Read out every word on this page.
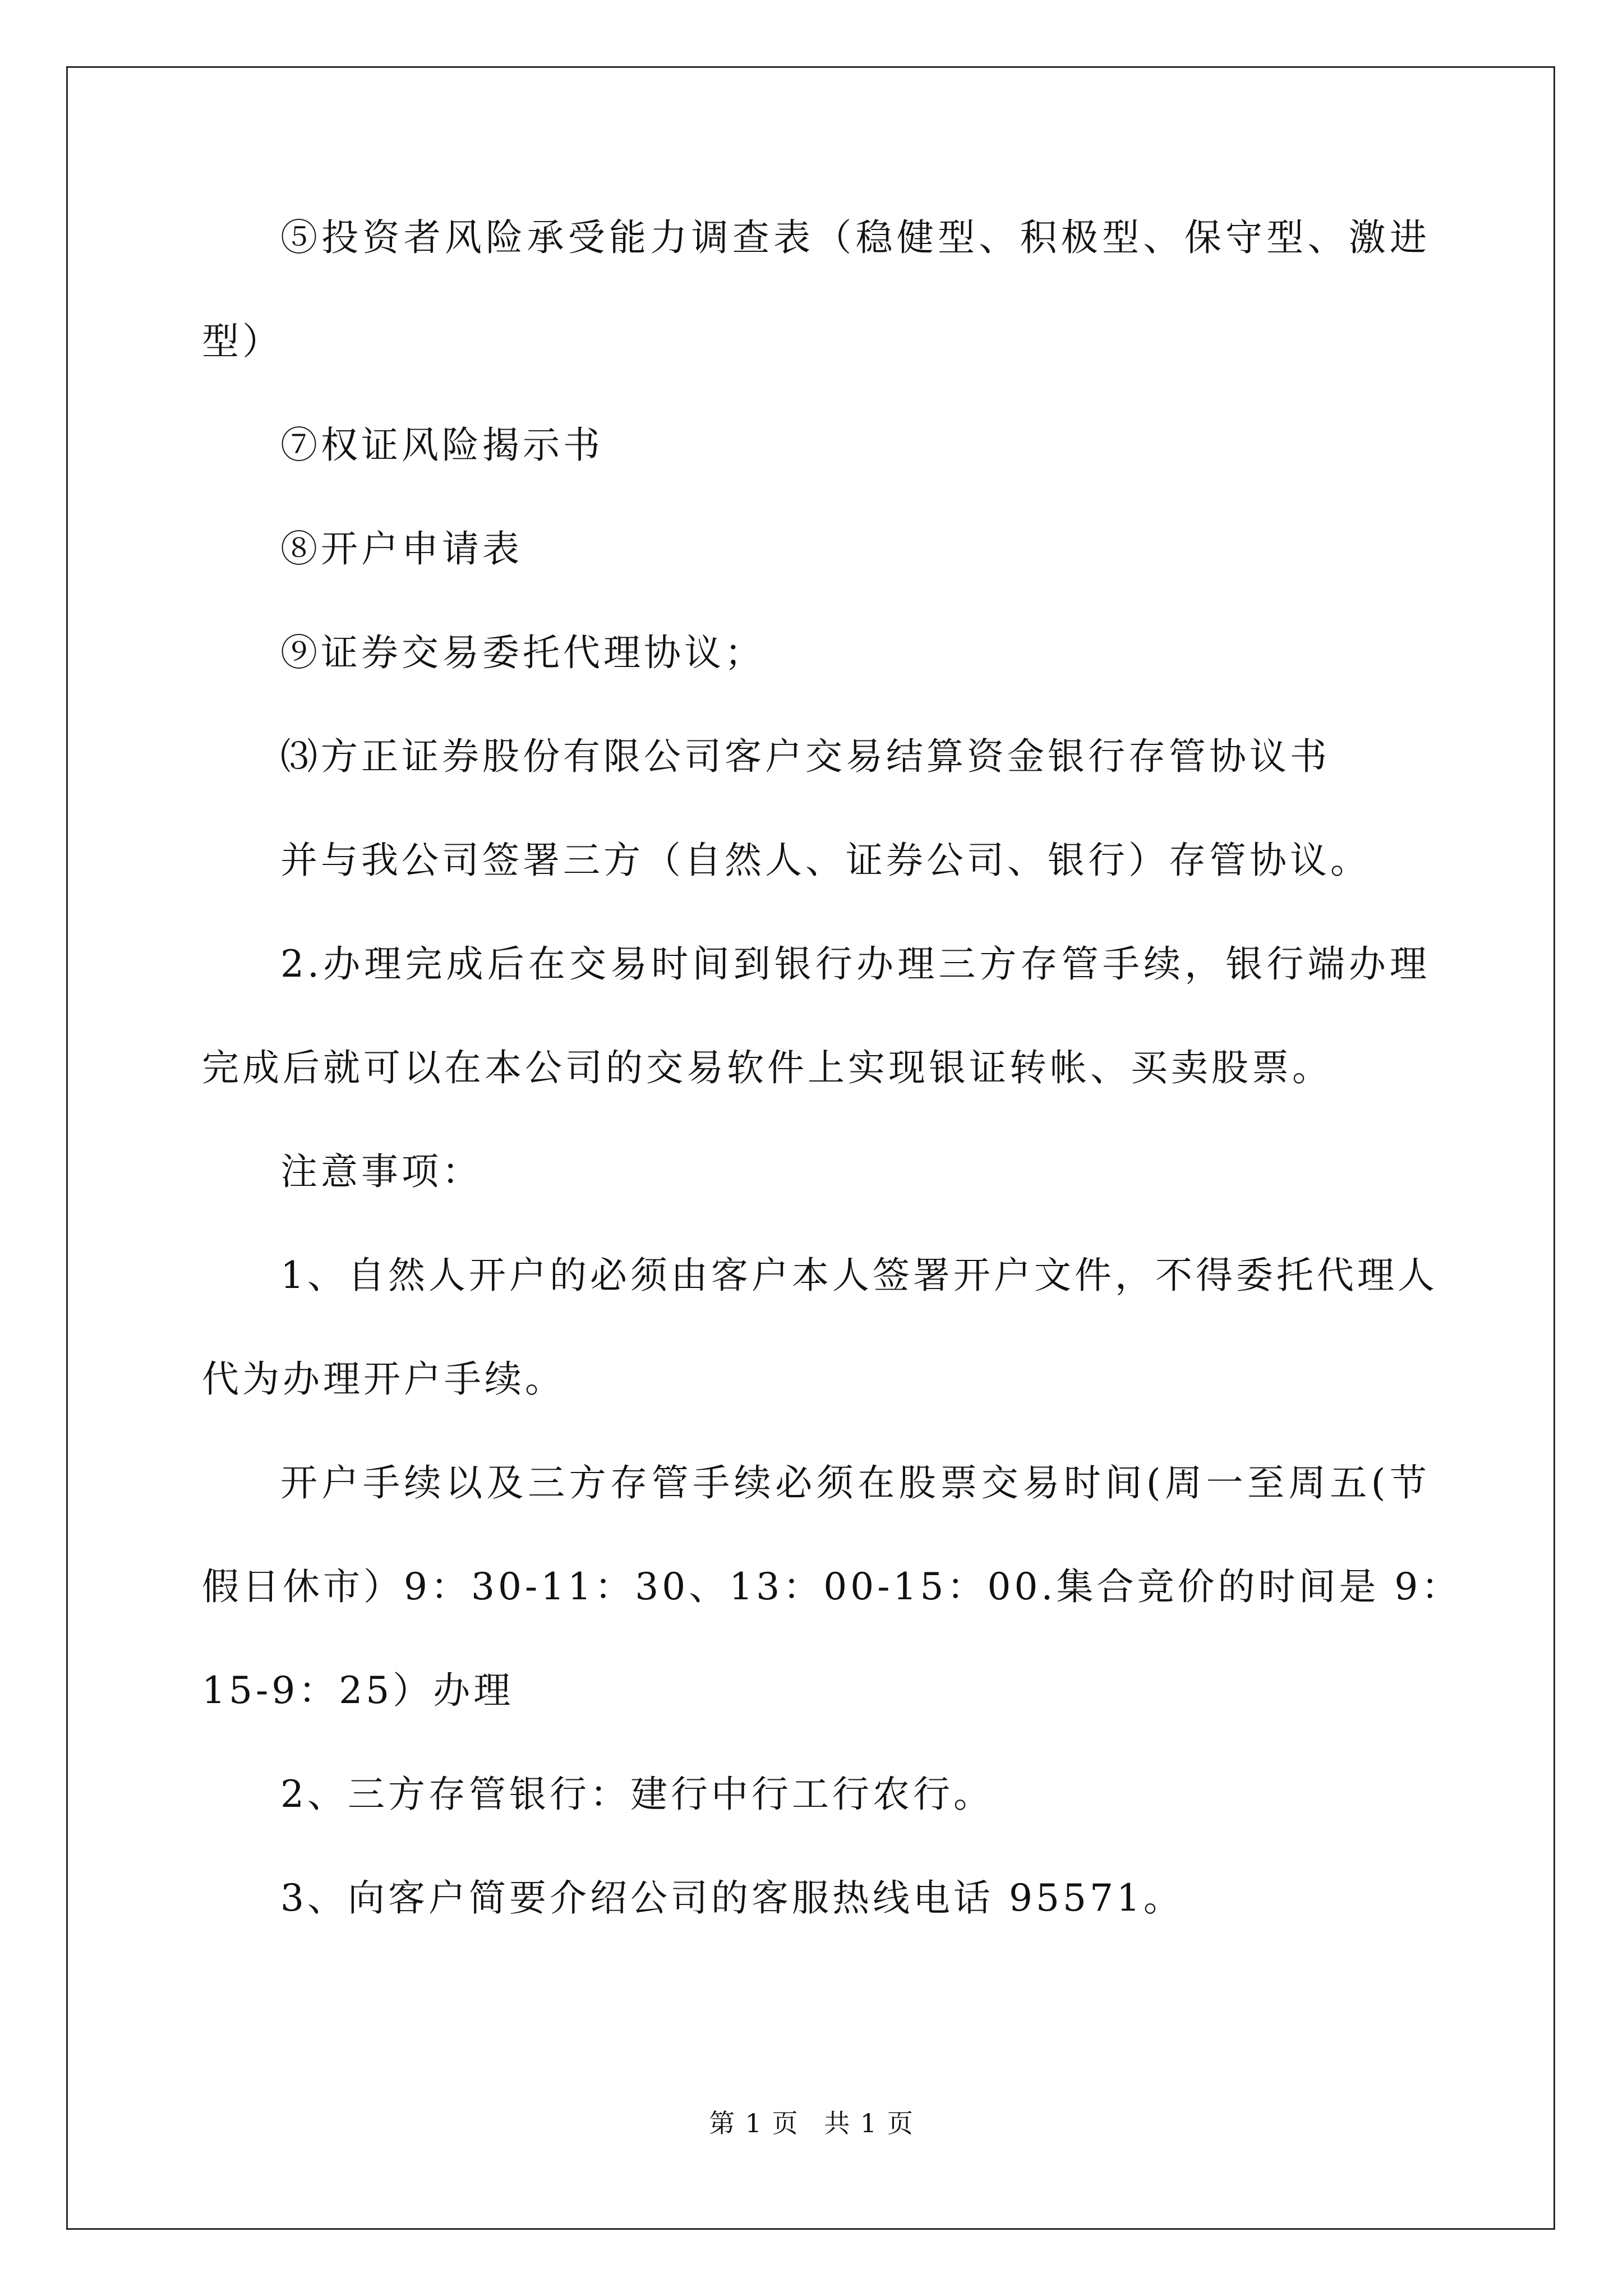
⑤投资者风险承受能力调查表（稳健型、积极型、保守型、激进

型）

⑦权证风险揭示书

⑧开户申请表

⑨证券交易委托代理协议；

⑶方正证券股份有限公司客户交易结算资金银行存管协议书

并与我公司签署三方（自然人、证券公司、银行）存管协议。

2.办理完成后在交易时间到银行办理三方存管手续，银行端办理

完成后就可以在本公司的交易软件上实现银证转帐、买卖股票。

注意事项：

1、自然人开户的必须由客户本人签署开户文件，不得委托代理人

代为办理开户手续。

开户手续以及三方存管手续必须在股票交易时间(周一至周五(节

假日休市）9：30-11：30、13：00-15：00.集合竞价的时间是 9：

15-9：25）办理

2、三方存管银行：建行中行工行农行。

3、向客户简要介绍公司的客服热线电话 95571。

第 1 页 共 1 页
